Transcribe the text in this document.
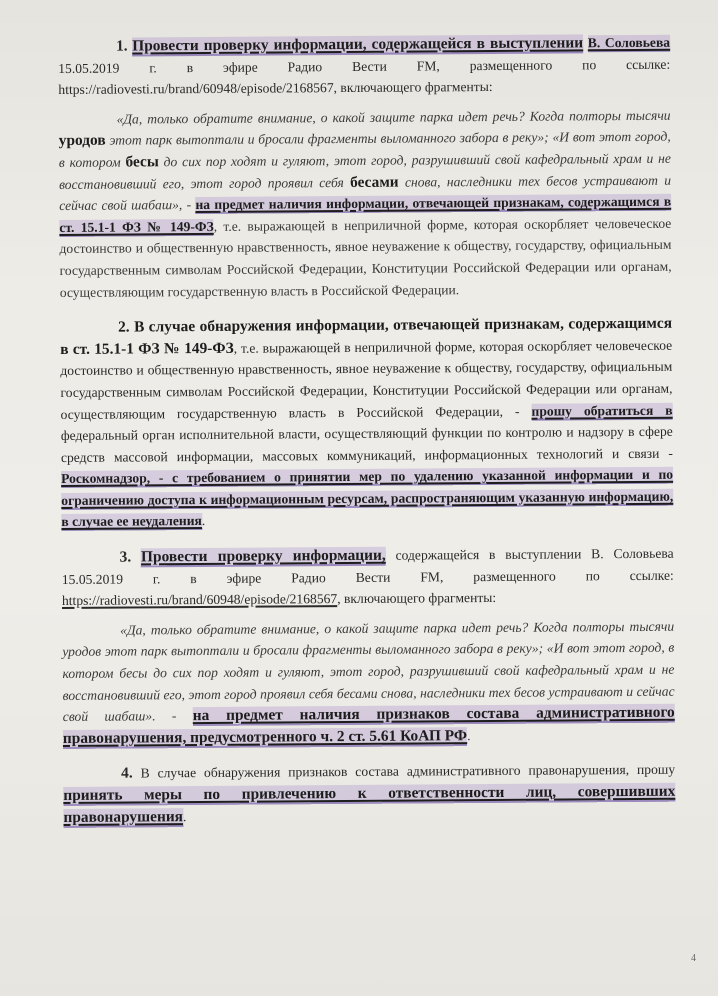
1. Провести проверку информации, содержащейся в выступлении В. Соловьева 15.05.2019 г. в эфире Радио Вести FM, размещенного по ссылке: https://radiovesti.ru/brand/60948/episode/2168567, включающего фрагменты:

«Да, только обратите внимание, о какой защите парка идет речь? Когда полторы тысячи уродов этот парк вытоптали и бросали фрагменты выломанного забора в реку»; «И вот этот город, в котором бесы до сих пор ходят и гуляют, этот город, разрушивший свой кафедральный храм и не восстановивший его, этот город проявил себя бесами снова, наследники тех бесов устраивают и сейчас свой шабаш», - на предмет наличия информации, отвечающей признакам, содержащимся в ст. 15.1-1 ФЗ № 149-ФЗ, т.е. выражающей в неприличной форме, которая оскорбляет человеческое достоинство и общественную нравственность, явное неуважение к обществу, государству, официальным государственным символам Российской Федерации, Конституции Российской Федерации или органам, осуществляющим государственную власть в Российской Федерации.

2. В случае обнаружения информации, отвечающей признакам, содержащимся в ст. 15.1-1 ФЗ № 149-ФЗ, т.е. выражающей в неприличной форме, которая оскорбляет человеческое достоинство и общественную нравственность, явное неуважение к обществу, государству, официальным государственным символам Российской Федерации, Конституции Российской Федерации или органам, осуществляющим государственную власть в Российской Федерации, - прошу обратиться в федеральный орган исполнительной власти, осуществляющий функции по контролю и надзору в сфере средств массовой информации, массовых коммуникаций, информационных технологий и связи - Роскомнадзор, - с требованием о принятии мер по удалению указанной информации и по ограничению доступа к информационным ресурсам, распространяющим указанную информацию, в случае ее неудаления.

3. Провести проверку информации, содержащейся в выступлении В. Соловьева 15.05.2019 г. в эфире Радио Вести FM, размещенного по ссылке: https://radiovesti.ru/brand/60948/episode/2168567, включающего фрагменты:

«Да, только обратите внимание, о какой защите парка идет речь? Когда полторы тысячи уродов этот парк вытоптали и бросали фрагменты выломанного забора в реку»; «И вот этот город, в котором бесы до сих пор ходят и гуляют, этот город, разрушивший свой кафедральный храм и не восстановивший его, этот город проявил себя бесами снова, наследники тех бесов устраивают и сейчас свой шабаш». - на предмет наличия признаков состава административного правонарушения, предусмотренного ч. 2 ст. 5.61 КоАП РФ.

4. В случае обнаружения признаков состава административного правонарушения, прошу принять меры по привлечению к ответственности лиц, совершивших правонарушения.

4
